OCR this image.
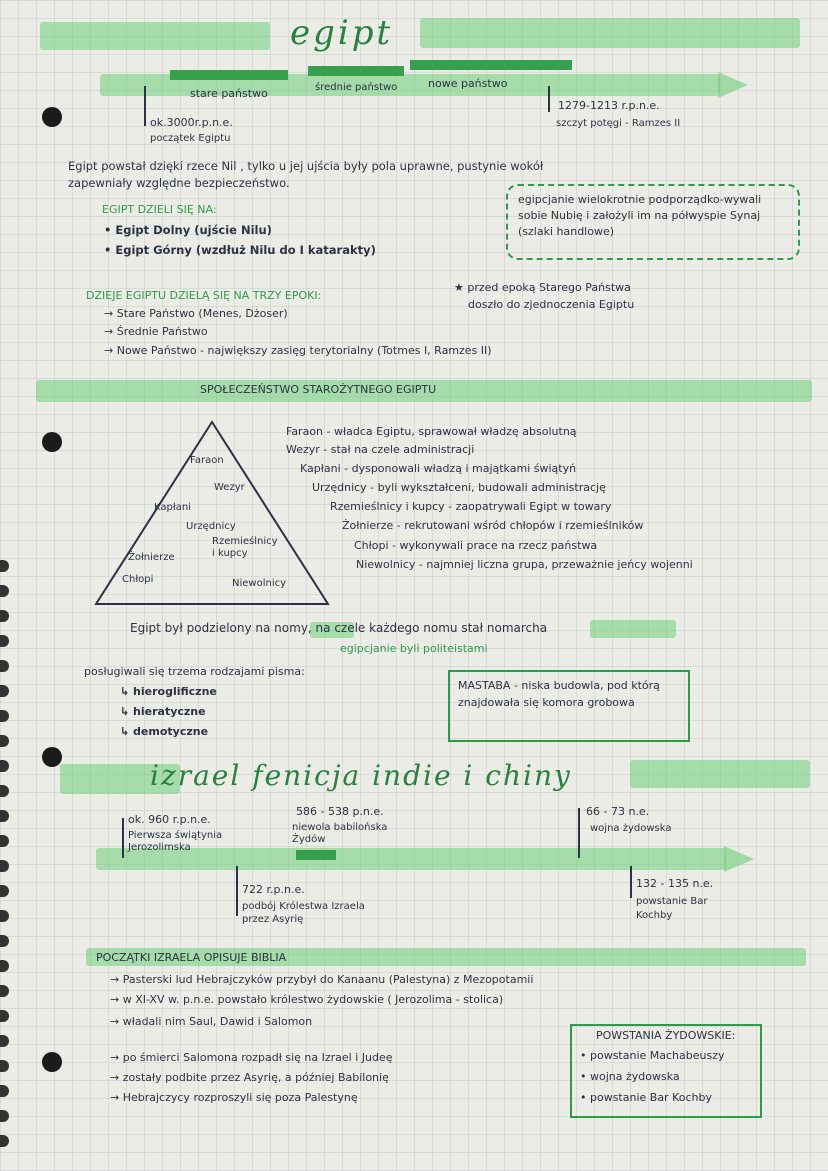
egipt
stare państwo	średnie państwo	nowe państwo
ok.3000r.p.n.e.
początek Egiptu
1279-1213 r.p.n.e.
szczyt potęgi - Ramzes II
Egipt powstał dzięki rzece Nil , tylko u jej ujścia były pola uprawne, pustynie wokół
zapewniały względne bezpieczeństwo.
EGIPT DZIELI SIĘ NA:
• Egipt Dolny (ujście Nilu)
• Egipt Górny (wzdłuż Nilu do I katarakty)
egipcjanie wielokrotnie podporządko-wywali sobie Nubię i założyli im na półwyspie Synaj (szlaki handlowe)
DZIEJE EGIPTU DZIELĄ SIĘ NA TRZY EPOKI:
→ Stare Państwo (Menes, Dżoser)
→ Średnie Państwo
→ Nowe Państwo - największy zasięg terytorialny (Totmes I, Ramzes II)
★ przed epoką Starego Państwa
doszło do zjednoczenia Egiptu
SPOŁECZEŃSTWO STAROŻYTNEGO EGIPTU
Faraon
Wezyr
Kapłani
Urzędnicy
Rzemieślnicy i kupcy
Żołnierze
Chłopi	Niewolnicy
Faraon - władca Egiptu, sprawował władzę absolutną
Wezyr - stał na czele administracji
Kapłani - dysponowali władzą i majątkami świątyń
Urzędnicy - byli wykształceni, budowali administrację
Rzemieślnicy i kupcy - zaopatrywali Egipt w towary
Żołnierze - rekrutowani wśród chłopów i rzemieślników
Chłopi - wykonywali prace na rzecz państwa
Niewolnicy - najmniej liczna grupa, przeważnie jeńcy wojenni
Egipt był podzielony na nomy, na czele każdego nomu stał nomarcha
egipcjanie byli politeistami
posługiwali się trzema rodzajami pisma:
↳ hieroglificzne
↳ hieratyczne
↳ demotyczne
MASTABA - niska budowla, pod którą znajdowała się komora grobowa
izrael fenicja indie i chiny
ok. 960 r.p.n.e.
Pierwsza świątynia Jerozolimska
586 - 538 p.n.e.
niewola babilońska Żydów
66 - 73 n.e.
wojna żydowska
722 r.p.n.e.
podbój Królestwa Izraela przez Asyrię
132 - 135 n.e.
powstanie Bar Kochby
POCZĄTKI IZRAELA OPISUJE BIBLIA
→ Pasterski lud Hebrajczyków przybył do Kanaanu (Palestyna) z Mezopotamii
→ w XI-XV w. p.n.e. powstało królestwo żydowskie ( Jerozolima - stolica)
→ władali nim Saul, Dawid i Salomon
→ po śmierci Salomona rozpadł się na Izrael i Judeę
→ zostały podbite przez Asyrię, a później Babilonię
→ Hebrajczycy rozproszyli się poza Palestynę
POWSTANIA ŻYDOWSKIE:
• powstanie Machabeuszy
• wojna żydowska
• powstanie Bar Kochby
